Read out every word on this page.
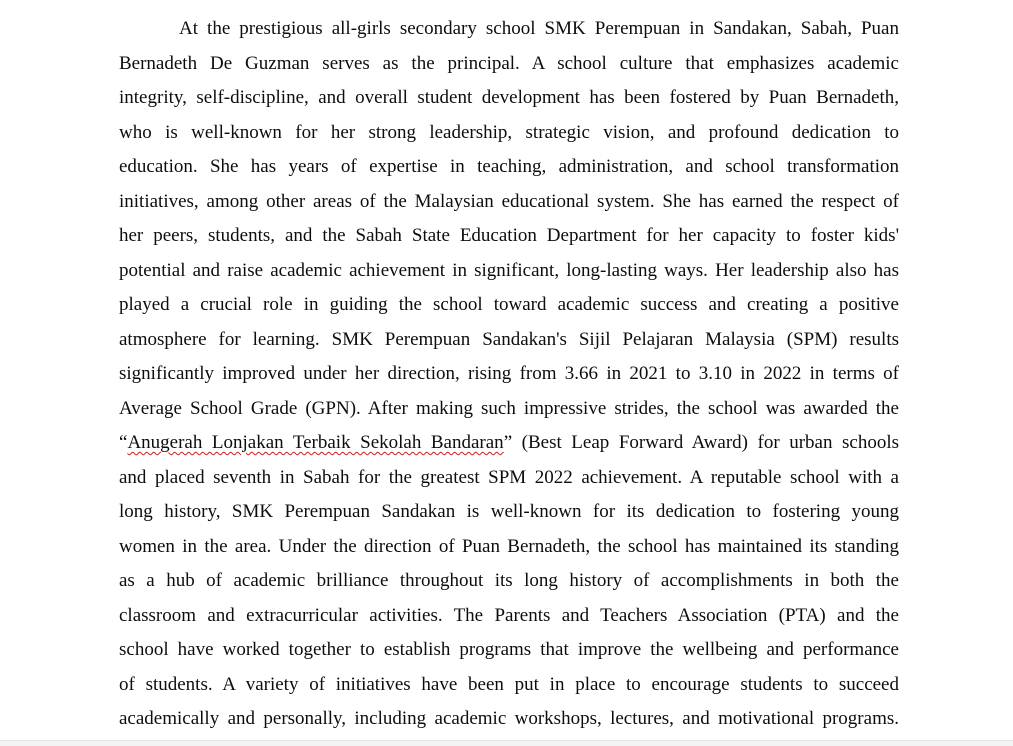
At the prestigious all-girls secondary school SMK Perempuan in Sandakan, Sabah, Puan
Bernadeth De Guzman serves as the principal. A school culture that emphasizes academic
integrity, self-discipline, and overall student development has been fostered by Puan Bernadeth,
who is well-known for her strong leadership, strategic vision, and profound dedication to
education. She has years of expertise in teaching, administration, and school transformation
initiatives, among other areas of the Malaysian educational system. She has earned the respect of
her peers, students, and the Sabah State Education Department for her capacity to foster kids'
potential and raise academic achievement in significant, long-lasting ways. Her leadership also has
played a crucial role in guiding the school toward academic success and creating a positive
atmosphere for learning. SMK Perempuan Sandakan's Sijil Pelajaran Malaysia (SPM) results
significantly improved under her direction, rising from 3.66 in 2021 to 3.10 in 2022 in terms of
Average School Grade (GPN). After making such impressive strides, the school was awarded the
“Anugerah Lonjakan Terbaik Sekolah Bandaran” (Best Leap Forward Award) for urban schools
and placed seventh in Sabah for the greatest SPM 2022 achievement. A reputable school with a
long history, SMK Perempuan Sandakan is well-known for its dedication to fostering young
women in the area. Under the direction of Puan Bernadeth, the school has maintained its standing
as a hub of academic brilliance throughout its long history of accomplishments in both the
classroom and extracurricular activities. The Parents and Teachers Association (PTA) and the
school have worked together to establish programs that improve the wellbeing and performance
of students. A variety of initiatives have been put in place to encourage students to succeed
academically and personally, including academic workshops, lectures, and motivational programs.
